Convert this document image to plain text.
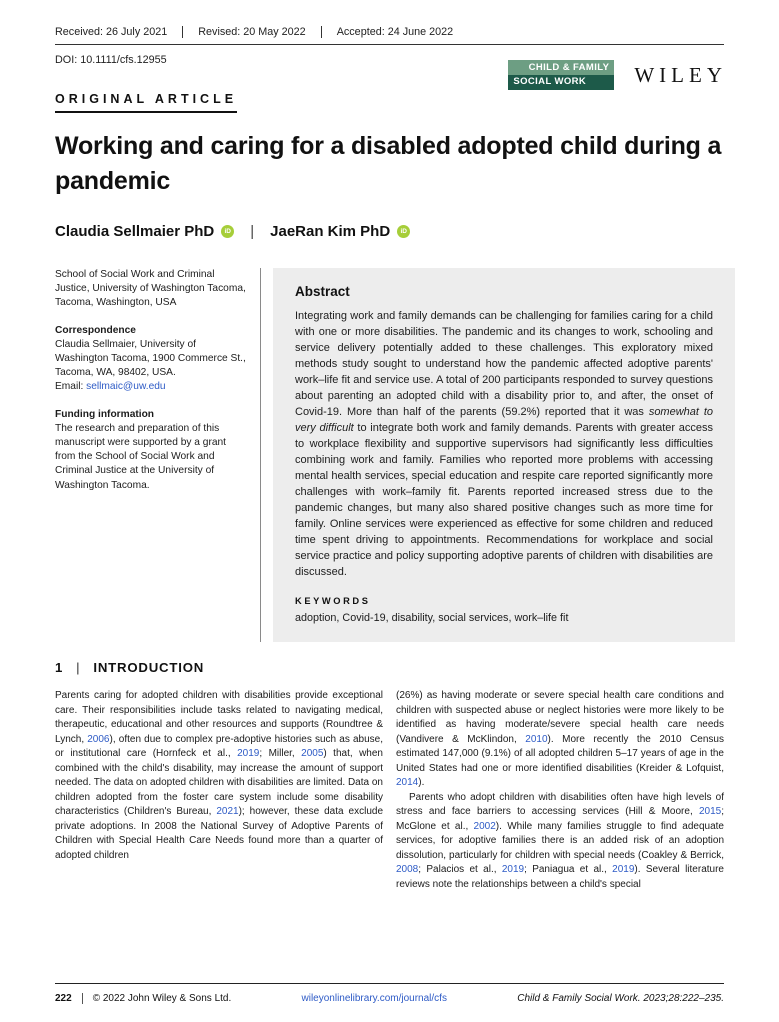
Received: 26 July 2021	Revised: 20 May 2022	Accepted: 24 June 2022
DOI: 10.1111/cfs.12955
CHILD & FAMILY
SOCIAL WORK	WILEY
ORIGINAL ARTICLE
Working and caring for a disabled adopted child during a pandemic
Claudia Sellmaier PhD	iD | JaeRan Kim PhD	iD

School of Social Work and Criminal Justice, University of Washington Tacoma, Tacoma, Washington, USA

Correspondence
Claudia Sellmaier, University of Washington Tacoma, 1900 Commerce St., Tacoma, WA, 98402, USA.
Email: sellmaic@uw.edu
Funding information
The research and preparation of this manuscript were supported by a grant from the School of Social Work and Criminal Justice at the University of Washington Tacoma.
Abstract
Integrating work and family demands can be challenging for families caring for a child with one or more disabilities. The pandemic and its changes to work, schooling and service delivery potentially added to these challenges. This exploratory mixed methods study sought to understand how the pandemic affected adoptive parents' work–life fit and service use. A total of 200 participants responded to survey questions about parenting an adopted child with a disability prior to, and after, the onset of Covid-19. More than half of the parents (59.2%) reported that it was somewhat to very difficult to integrate both work and family demands. Parents with greater access to workplace flexibility and supportive supervisors had significantly less difficulties combining work and family. Families who reported more problems with accessing mental health services, special education and respite care reported significantly more challenges with work–family fit. Parents reported increased stress due to the pandemic changes, but many also shared positive changes such as more time for family. Online services were experienced as effective for some children and reduced time spent driving to appointments. Recommendations for workplace and social service practice and policy supporting adoptive parents of children with disabilities are discussed.
KEYWORDS
adoption, Covid-19, disability, social services, work–life fit
1 | INTRODUCTION

Parents caring for adopted children with disabilities provide exceptional care. Their responsibilities include tasks related to navigating medical, therapeutic, educational and other resources and supports (Roundtree & Lynch, 2006), often due to complex pre-adoptive histories such as abuse, or institutional care (Hornfeck et al., 2019; Miller, 2005) that, when combined with the child's disability, may increase the amount of support needed. The data on adopted children with disabilities are limited. Data on children adopted from the foster care system include some disability characteristics (Children's Bureau, 2021); however, these data exclude private adoptions. In 2008 the National Survey of Adoptive Parents of Children with Special Health Care Needs found more than a quarter of adopted children

(26%) as having moderate or severe special health care conditions and children with suspected abuse or neglect histories were more likely to be identified as having moderate/severe special health care needs (Vandivere & McKlindon, 2010). More recently the 2010 Census estimated 147,000 (9.1%) of all adopted children 5–17 years of age in the United States had one or more identified disabilities (Kreider & Lofquist, 2014).

Parents who adopt children with disabilities often have high levels of stress and face barriers to accessing services (Hill & Moore, 2015; McGlone et al., 2002). While many families struggle to find adequate services, for adoptive families there is an added risk of an adoption dissolution, particularly for children with special needs (Coakley & Berrick, 2008; Palacios et al., 2019; Paniagua et al., 2019). Several literature reviews note the relationships between a child's special

222	© 2022 John Wiley & Sons Ltd.	wileyonlinelibrary.com/journal/cfs	Child & Family Social Work. 2023;28:222–235.
